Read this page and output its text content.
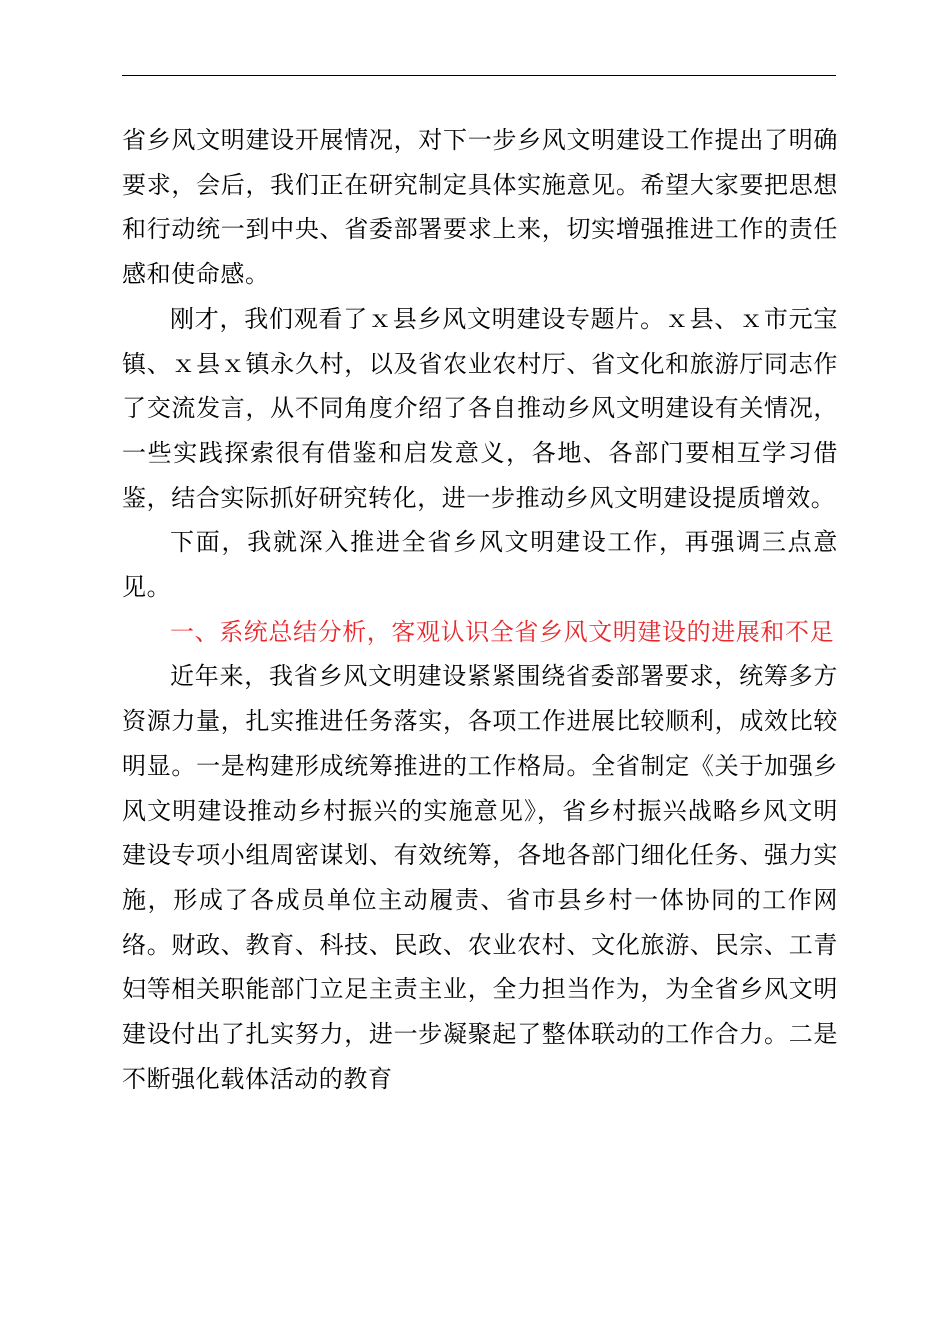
省乡风文明建设开展情况，对下一步乡风文明建设工作提出了明确要求，会后，我们正在研究制定具体实施意见。希望大家要把思想和行动统一到中央、省委部署要求上来，切实增强推进工作的责任感和使命感。

刚才，我们观看了ｘ县乡风文明建设专题片。ｘ县、ｘ市元宝镇、ｘ县ｘ镇永久村，以及省农业农村厅、省文化和旅游厅同志作了交流发言，从不同角度介绍了各自推动乡风文明建设有关情况，一些实践探索很有借鉴和启发意义，各地、各部门要相互学习借鉴，结合实际抓好研究转化，进一步推动乡风文明建设提质增效。

下面，我就深入推进全省乡风文明建设工作，再强调三点意见。

一、系统总结分析，客观认识全省乡风文明建设的进展和不足

近年来，我省乡风文明建设紧紧围绕省委部署要求，统筹多方资源力量，扎实推进任务落实，各项工作进展比较顺利，成效比较明显。一是构建形成统筹推进的工作格局。全省制定《关于加强乡风文明建设推动乡村振兴的实施意见》，省乡村振兴战略乡风文明建设专项小组周密谋划、有效统筹，各地各部门细化任务、强力实施，形成了各成员单位主动履责、省市县乡村一体协同的工作网络。财政、教育、科技、民政、农业农村、文化旅游、民宗、工青妇等相关职能部门立足主责主业，全力担当作为，为全省乡风文明建设付出了扎实努力，进一步凝聚起了整体联动的工作合力。二是不断强化载体活动的教育
